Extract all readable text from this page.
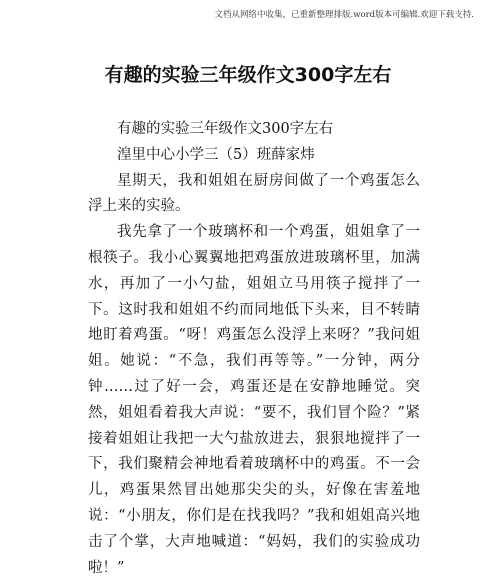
文档从网络中收集，已重新整理排版.word版本可编辑.欢迎下载支持.
有趣的实验三年级作文300字左右

有趣的实验三年级作文300字左右

湟里中心小学三（5）班薛家炜

星期天，我和姐姐在厨房间做了一个鸡蛋怎么浮上来的实验。

我先拿了一个玻璃杯和一个鸡蛋，姐姐拿了一根筷子。我小心翼翼地把鸡蛋放进玻璃杯里，加满水，再加了一小勺盐，姐姐立马用筷子搅拌了一下。这时我和姐姐不约而同地低下头来，目不转睛地盯着鸡蛋。“呀！鸡蛋怎么没浮上来呀？”我问姐姐。她说：“不急，我们再等等。”一分钟，两分钟……过了好一会，鸡蛋还是在安静地睡觉。突然，姐姐看着我大声说：“要不，我们冒个险？”紧接着姐姐让我把一大勺盐放进去，狠狠地搅拌了一下，我们聚精会神地看着玻璃杯中的鸡蛋。不一会儿，鸡蛋果然冒出她那尖尖的头，好像在害羞地说：“小朋友，你们是在找我吗？”我和姐姐高兴地击了个掌，大声地喊道：“妈妈，我们的实验成功啦！”
